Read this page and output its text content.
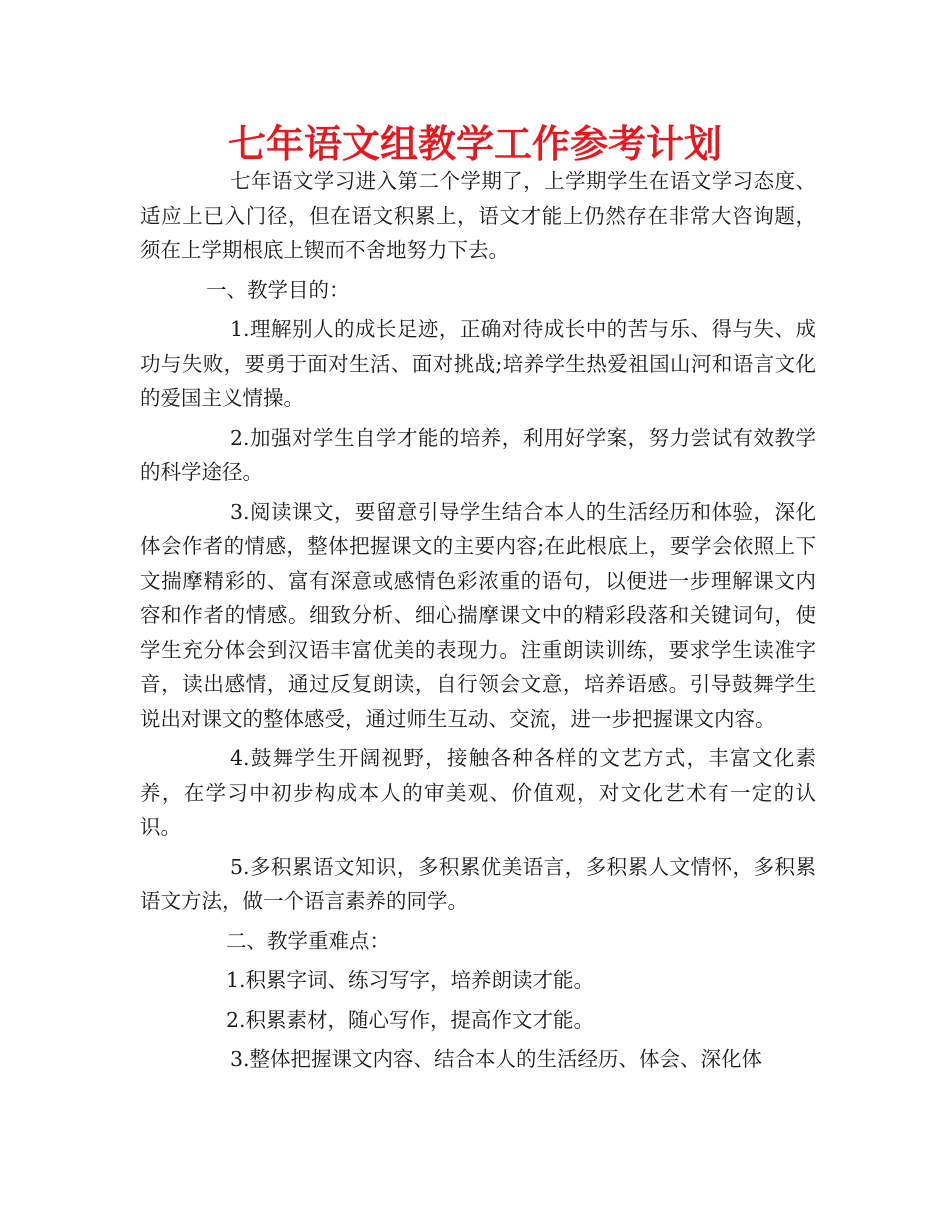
七年语文组教学工作参考计划

七年语文学习进入第二个学期了，上学期学生在语文学习态度、适应上已入门径，但在语文积累上，语文才能上仍然存在非常大咨询题，须在上学期根底上锲而不舍地努力下去。

一、教学目的：

1.理解别人的成长足迹，正确对待成长中的苦与乐、得与失、成功与失败，要勇于面对生活、面对挑战;培养学生热爱祖国山河和语言文化的爱国主义情操。

2.加强对学生自学才能的培养，利用好学案，努力尝试有效教学的科学途径。

3.阅读课文，要留意引导学生结合本人的生活经历和体验，深化体会作者的情感，整体把握课文的主要内容;在此根底上，要学会依照上下文揣摩精彩的、富有深意或感情色彩浓重的语句，以便进一步理解课文内容和作者的情感。细致分析、细心揣摩课文中的精彩段落和关键词句，使学生充分体会到汉语丰富优美的表现力。注重朗读训练，要求学生读准字音，读出感情，通过反复朗读，自行领会文意，培养语感。引导鼓舞学生说出对课文的整体感受，通过师生互动、交流，进一步把握课文内容。

4.鼓舞学生开阔视野，接触各种各样的文艺方式，丰富文化素养，在学习中初步构成本人的审美观、价值观，对文化艺术有一定的认识。

5.多积累语文知识，多积累优美语言，多积累人文情怀，多积累语文方法，做一个语言素养的同学。

二、教学重难点：

1.积累字词、练习写字，培养朗读才能。

2.积累素材，随心写作，提高作文才能。

3.整体把握课文内容、结合本人的生活经历、体会、深化体
